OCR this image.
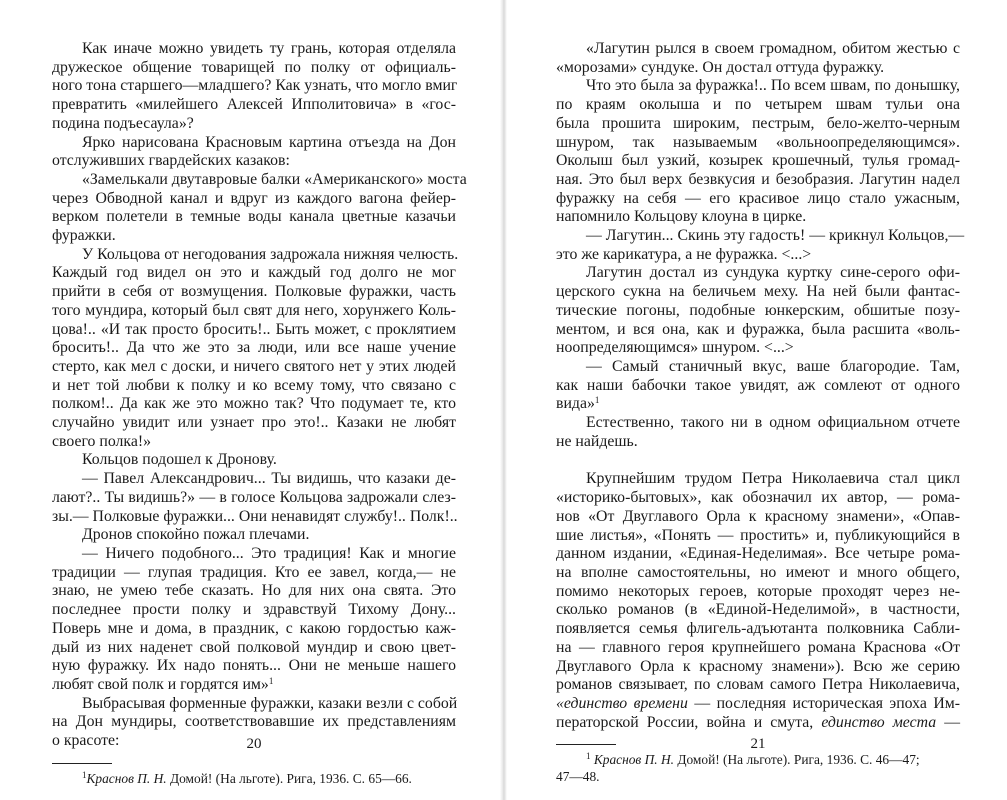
Как иначе можно увидеть ту грань, которая отделяла
дружеское общение товарищей по полку от официаль-
ного тона старшего—младшего? Как узнать, что могло вмиг
превратить «милейшего Алексей Ипполитовича» в «гос-
подина подъесаула»?
Ярко нарисована Красновым картина отъезда на Дон
отслуживших гвардейских казаков:
«Замелькали двутавровые балки «Американского» моста
через Обводной канал и вдруг из каждого вагона фейер-
верком полетели в темные воды канала цветные казачьи
фуражки.
У Кольцова от негодования задрожала нижняя челюсть.
Каждый год видел он это и каждый год долго не мог
прийти в себя от возмущения. Полковые фуражки, часть
того мундира, который был свят для него, хорунжего Коль-
цова!.. «И так просто бросить!.. Быть может, с проклятием
бросить!.. Да что же это за люди, или все наше учение
стерто, как мел с доски, и ничего святого нет у этих людей
и нет той любви к полку и ко всему тому, что связано с
полком!.. Да как же это можно так? Что подумает те, кто
случайно увидит или узнает про это!.. Казаки не любят
своего полка!»
Кольцов подошел к Дронову.
— Павел Александрович... Ты видишь, что казаки де-
лают?.. Ты видишь?» — в голосе Кольцова задрожали слез-
зы.— Полковые фуражки... Они ненавидят службу!.. Полк!..
Дронов спокойно пожал плечами.
— Ничего подобного... Это традиция! Как и многие
традиции — глупая традиция. Кто ее завел, когда,— не
знаю, не умею тебе сказать. Но для них она свята. Это
последнее прости полку и здравствуй Тихому Дону...
Поверь мне и дома, в праздник, с какою гордостью каж-
дый из них наденет свой полковой мундир и свою цвет-
ную фуражку. Их надо понять... Они не меньше нашего
любят свой полк и гордятся им»$^1$
Выбрасывая форменные фуражки, казаки везли с собой
на Дон мундиры, соответствовавшие их представлениям
о красоте:
$^1$Краснов П. Н. Домой! (На льготе). Рига, 1936. С. 65—66.
20
«Лагутин рылся в своем громадном, обитом жестью с
«морозами» сундуке. Он достал оттуда фуражку.
Что это была за фуражка!.. По всем швам, по донышку,
по краям околыша и по четырем швам тульи она
была прошита широким, пестрым, бело-желто-черным
шнуром, так называемым «вольноопределяющимся».
Околыш был узкий, козырек крошечный, тулья громад-
ная. Это был верх безвкусия и безобразия. Лагутин надел
фуражку на себя — его красивое лицо стало ужасным,
напомнило Кольцову клоуна в цирке.
— Лагутин... Скинь эту гадость! — крикнул Кольцов,—
это же карикатура, а не фуражка. <...>
Лагутин достал из сундука куртку сине-серого офи-
церского сукна на беличьем меху. На ней были фантас-
тические погоны, подобные юнкерским, обшитые позу-
ментом, и вся она, как и фуражка, была расшита «воль-
ноопределяющимся» шнуром. <...>
— Самый станичный вкус, ваше благородие. Там,
как наши бабочки такое увидят, аж сомлеют от одного
вида»$^1$
Естественно, такого ни в одном официальном отчете
не найдешь.
Крупнейшим трудом Петра Николаевича стал цикл
«историко-бытовых», как обозначил их автор, — рома-
нов «От Двуглавого Орла к красному знамени», «Опав-
шие листья», «Понять — простить» и, публикующийся в
данном издании, «Единая-Неделимая». Все четыре рома-
на вполне самостоятельны, но имеют и много общего,
помимо некоторых героев, которые проходят через не-
сколько романов (в «Единой-Неделимой», в частности,
появляется семья флигель-адъютанта полковника Сабли-
на — главного героя крупнейшего романа Краснова «От
Двуглавого Орла к красному знамени»). Всю же серию
романов связывает, по словам самого Петра Николаевича,
«единство времени — последняя историческая эпоха Им-
ператорской России, война и смута, единство места —
$^1$ Краснов П. Н. Домой! (На льготе). Рига, 1936. С. 46—47;
47—48.
21
